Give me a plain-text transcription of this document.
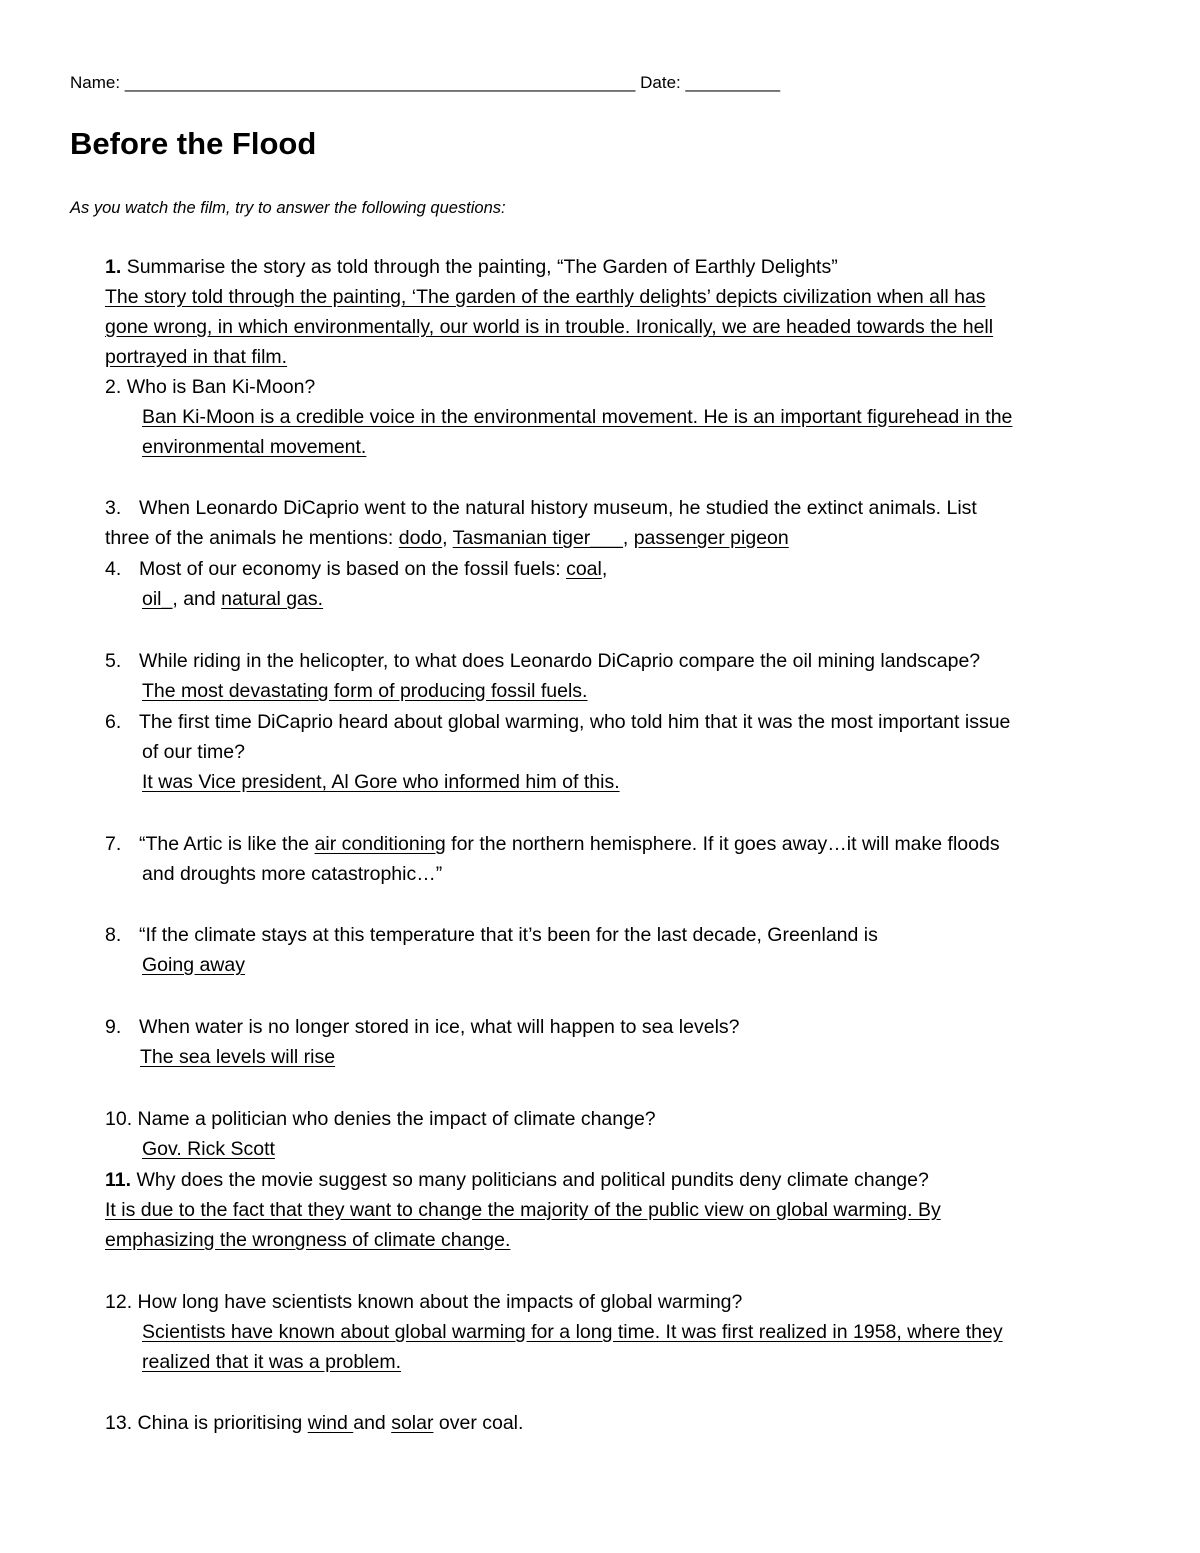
Name: ______________________________________________________ Date: __________
Before the Flood
As you watch the film, try to answer the following questions:
1. Summarise the story as told through the painting, “The Garden of Earthly Delights”
The story told through the painting, ‘The garden of the earthly delights’ depicts civilization when all has
gone wrong, in which environmentally, our world is in trouble. Ironically, we are headed towards the hell
portrayed in that film.
2. Who is Ban Ki-Moon?
Ban Ki-Moon is a credible voice in the environmental movement. He is an important figurehead in the
environmental movement.
3. When Leonardo DiCaprio went to the natural history museum, he studied the extinct animals. List
three of the animals he mentions: dodo, Tasmanian tiger___, passenger pigeon
4. Most of our economy is based on the fossil fuels: coal,
oil_, and natural gas.
5. While riding in the helicopter, to what does Leonardo DiCaprio compare the oil mining landscape?
The most devastating form of producing fossil fuels.
6. The first time DiCaprio heard about global warming, who told him that it was the most important issue
of our time?
It was Vice president, Al Gore who informed him of this.
7. “The Artic is like the air conditioning for the northern hemisphere. If it goes away…it will make floods
and droughts more catastrophic…”
8. “If the climate stays at this temperature that it’s been for the last decade, Greenland is
Going away
9. When water is no longer stored in ice, what will happen to sea levels?
The sea levels will rise
10. Name a politician who denies the impact of climate change?
Gov. Rick Scott
11. Why does the movie suggest so many politicians and political pundits deny climate change?
It is due to the fact that they want to change the majority of the public view on global warming. By
emphasizing the wrongness of climate change.
12. How long have scientists known about the impacts of global warming?
Scientists have known about global warming for a long time. It was first realized in 1958, where they
realized that it was a problem.
13. China is prioritising wind and solar over coal.
